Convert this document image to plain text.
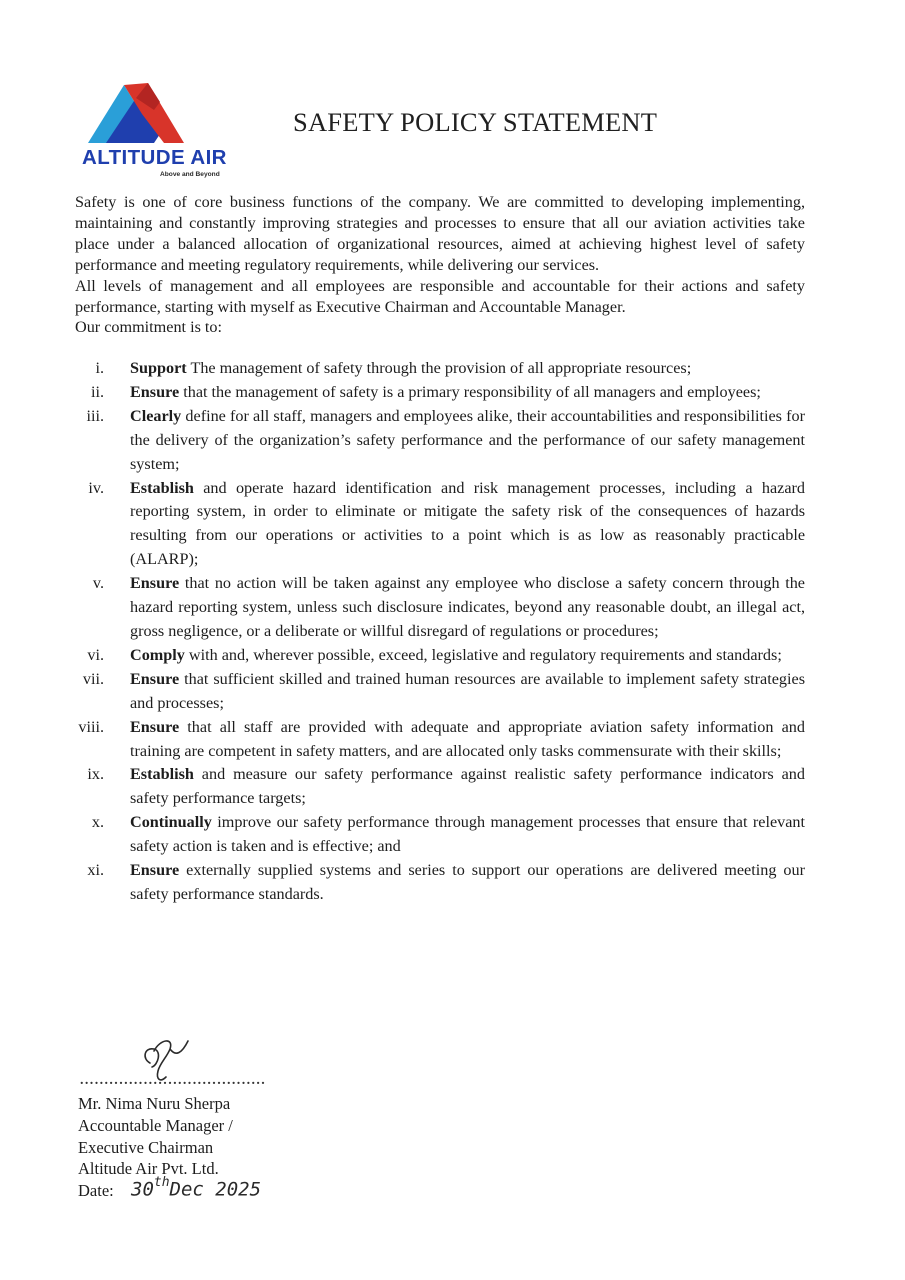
ALTITUDE AIR
Above and Beyond
SAFETY POLICY STATEMENT

Safety is one of core business functions of the company. We are committed to developing implementing, maintaining and constantly improving strategies and processes to ensure that all our aviation activities take place under a balanced allocation of organizational resources, aimed at achieving highest level of safety performance and meeting regulatory requirements, while delivering our services.

All levels of management and all employees are responsible and accountable for their actions and safety performance, starting with myself as Executive Chairman and Accountable Manager.

Our commitment is to:

i. Support The management of safety through the provision of all appropriate resources;
ii. Ensure that the management of safety is a primary responsibility of all managers and employees;
iii. Clearly define for all staff, managers and employees alike, their accountabilities and responsibilities for the delivery of the organization’s safety performance and the performance of our safety management system;
iv. Establish and operate hazard identification and risk management processes, including a hazard reporting system, in order to eliminate or mitigate the safety risk of the consequences of hazards resulting from our operations or activities to a point which is as low as reasonably practicable (ALARP);
v. Ensure that no action will be taken against any employee who disclose a safety concern through the hazard reporting system, unless such disclosure indicates, beyond any reasonable doubt, an illegal act, gross negligence, or a deliberate or willful disregard of regulations or procedures;
vi. Comply with and, wherever possible, exceed, legislative and regulatory requirements and standards;
vii. Ensure that sufficient skilled and trained human resources are available to implement safety strategies and processes;
viii. Ensure that all staff are provided with adequate and appropriate aviation safety information and training are competent in safety matters, and are allocated only tasks commensurate with their skills;
ix. Establish and measure our safety performance against realistic safety performance indicators and safety performance targets;
x. Continually improve our safety performance through management processes that ensure that relevant safety action is taken and is effective; and
xi. Ensure externally supplied systems and series to support our operations are delivered meeting our safety performance standards.
......................................
Mr. Nima Nuru Sherpa
Accountable Manager /
Executive Chairman
Altitude Air Pvt. Ltd.
Date: 30thDec 2025
